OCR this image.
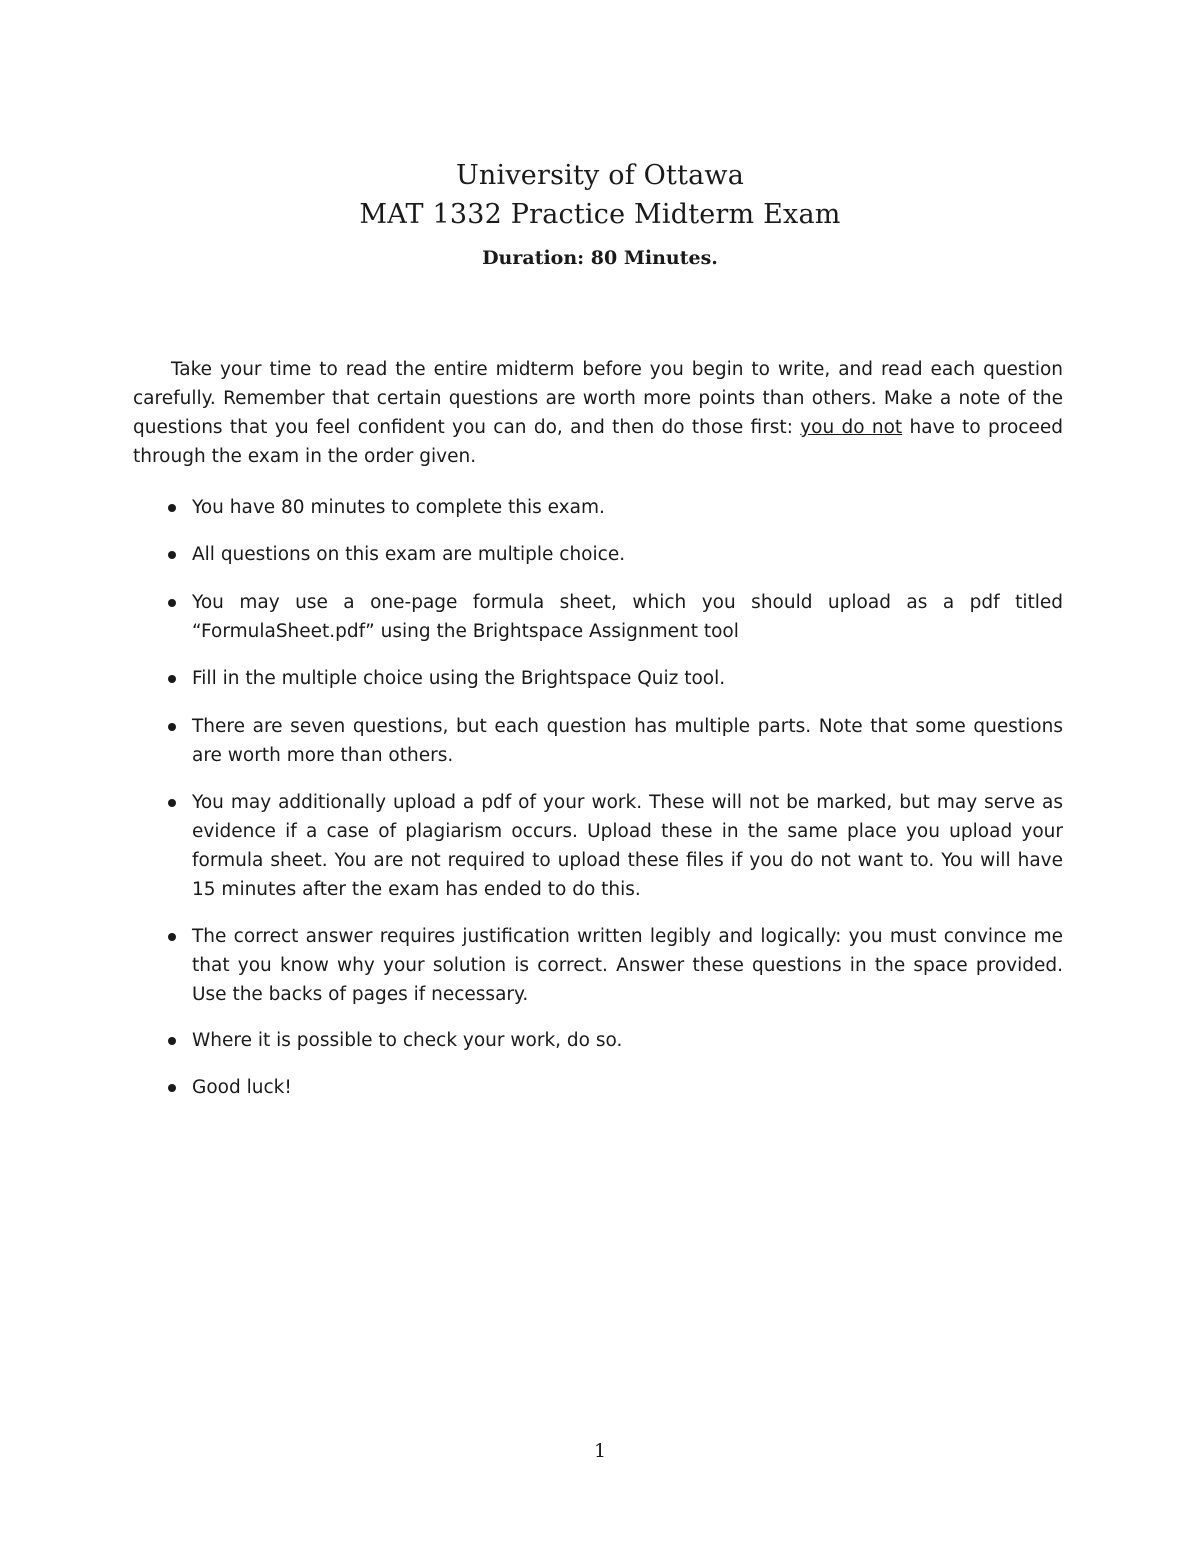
University of Ottawa
MAT 1332 Practice Midterm Exam
Duration: 80 Minutes.

Take your time to read the entire midterm before you begin to write, and read each question carefully. Remember that certain questions are worth more points than others. Make a note of the questions that you feel confident you can do, and then do those first: you do not have to proceed through the exam in the order given.

You have 80 minutes to complete this exam.
All questions on this exam are multiple choice.
You may use a one-page formula sheet, which you should upload as a pdf titled “FormulaSheet.pdf” using the Brightspace Assignment tool
Fill in the multiple choice using the Brightspace Quiz tool.
There are seven questions, but each question has multiple parts. Note that some questions are worth more than others.
You may additionally upload a pdf of your work. These will not be marked, but may serve as evidence if a case of plagiarism occurs. Upload these in the same place you upload your formula sheet. You are not required to upload these files if you do not want to. You will have 15 minutes after the exam has ended to do this.
The correct answer requires justification written legibly and logically: you must convince me that you know why your solution is correct. Answer these questions in the space provided. Use the backs of pages if necessary.
Where it is possible to check your work, do so.
Good luck!
1
